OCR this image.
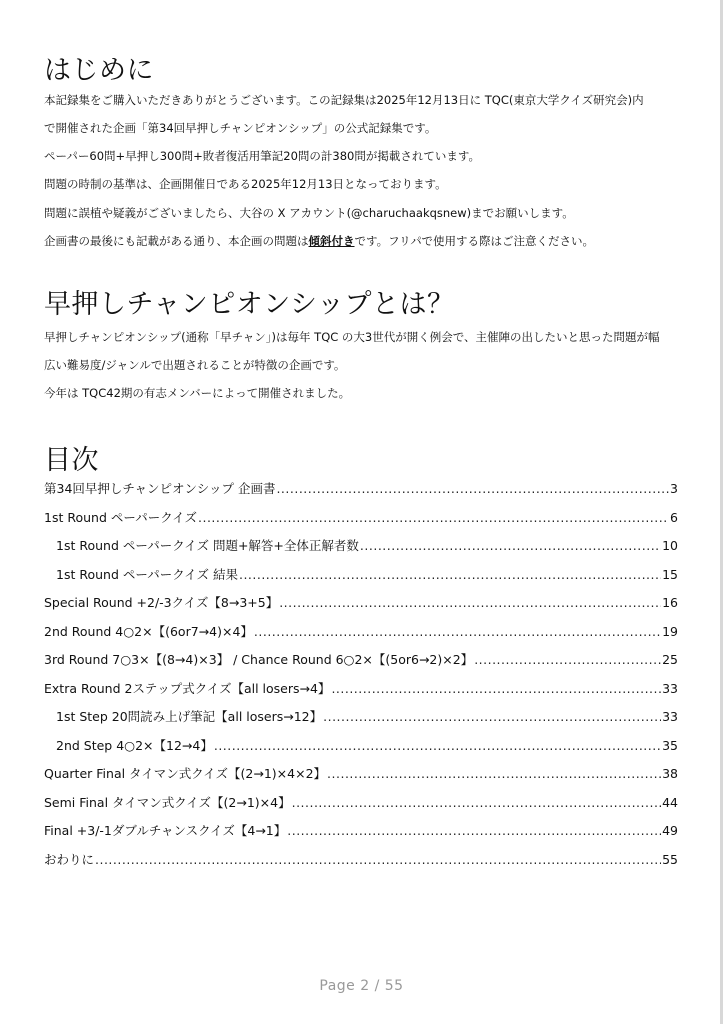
はじめに
本記録集をご購入いただきありがとうございます。この記録集は2025年12月13日に TQC(東京大学クイズ研究会)内
で開催された企画「第34回早押しチャンピオンシップ」の公式記録集です。
ペーパー60問+早押し300問+敗者復活用筆記20問の計380問が掲載されています。
問題の時制の基準は、企画開催日である2025年12月13日となっております。
問題に誤植や疑義がございましたら、大谷の X アカウント(@charuchaakqsnew)までお願いします。
企画書の最後にも記載がある通り、本企画の問題は傾斜付きです。フリパで使用する際はご注意ください。
早押しチャンピオンシップとは？
早押しチャンピオンシップ(通称「早チャン」)は毎年 TQC の大3世代が開く例会で、主催陣の出したいと思った問題が幅
広い難易度/ジャンルで出題されることが特徴の企画です。
今年は TQC42期の有志メンバーによって開催されました。
目次
第34回早押しチャンピオンシップ 企画書 .....	3
1st Round ペーパークイズ .....	6
1st Round ペーパークイズ 問題+解答+全体正解者数 .....	10
1st Round ペーパークイズ 結果 .....	15
Special Round +2/-3クイズ【8→3+5】 .....	16
2nd Round 4○2×【(6or7→4)×4】 .....	19
3rd Round 7○3×【(8→4)×3】 / Chance Round 6○2×【(5or6→2)×2】 .....	25
Extra Round 2ステップ式クイズ【all losers→4】 .....	33
1st Step 20問読み上げ筆記【all losers→12】 .....	33
2nd Step 4○2×【12→4】 .....	35
Quarter Final タイマン式クイズ【(2→1)×4×2】 .....	38
Semi Final タイマン式クイズ【(2→1)×4】 .....	44
Final +3/-1ダブルチャンスクイズ【4→1】 .....	49
おわりに .....	55
Page 2 / 55
